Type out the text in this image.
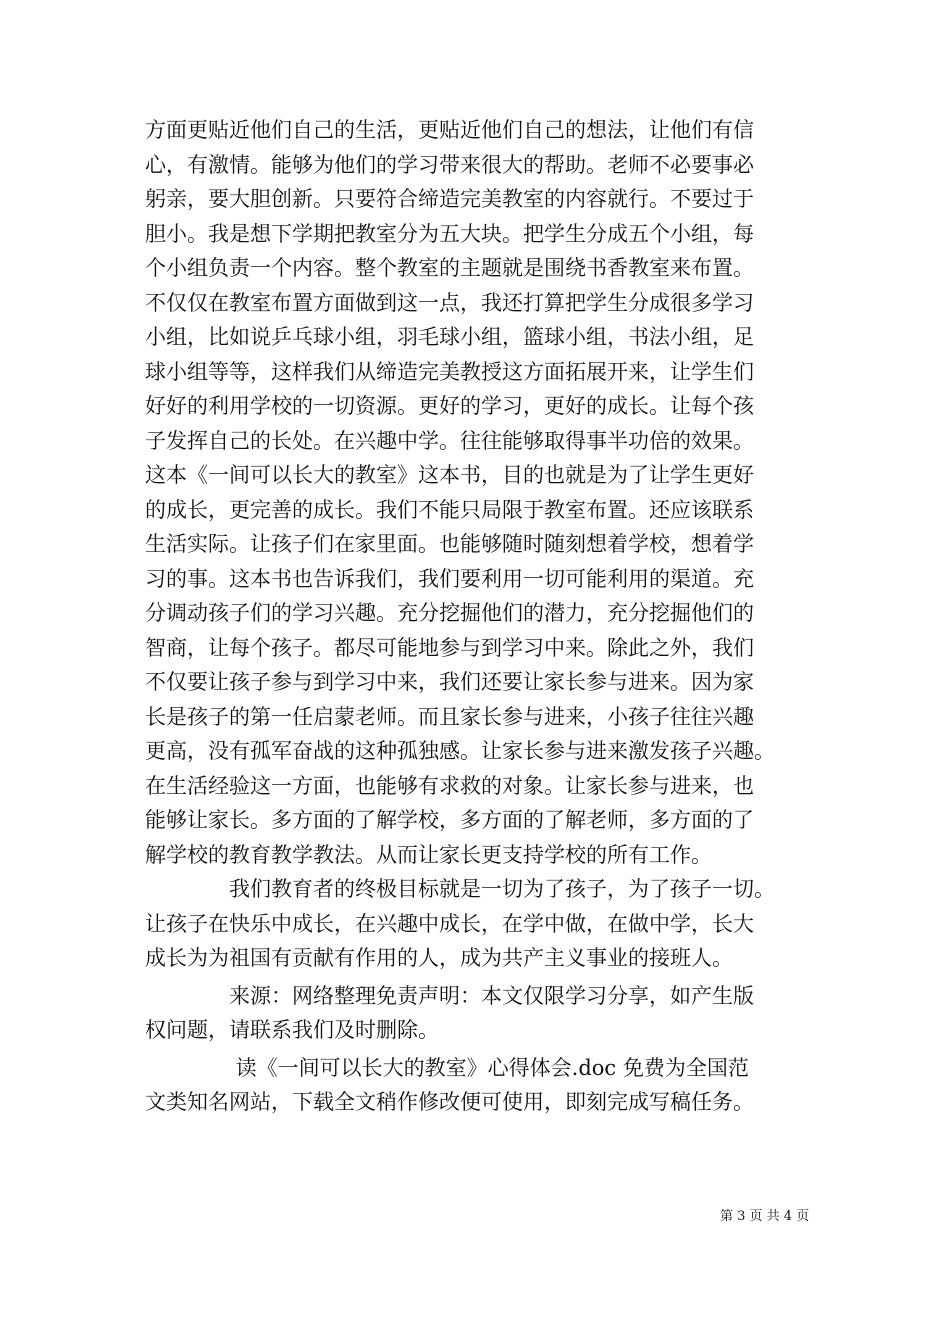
方面更贴近他们自己的生活，更贴近他们自己的想法，让他们有信
心，有激情。能够为他们的学习带来很大的帮助。老师不必要事必
躬亲，要大胆创新。只要符合缔造完美教室的内容就行。不要过于
胆小。我是想下学期把教室分为五大块。把学生分成五个小组，每
个小组负责一个内容。整个教室的主题就是围绕书香教室来布置。
不仅仅在教室布置方面做到这一点，我还打算把学生分成很多学习
小组，比如说乒乓球小组，羽毛球小组，篮球小组，书法小组，足
球小组等等，这样我们从缔造完美教授这方面拓展开来，让学生们
好好的利用学校的一切资源。更好的学习，更好的成长。让每个孩
子发挥自己的长处。在兴趣中学。往往能够取得事半功倍的效果。
这本《一间可以长大的教室》这本书，目的也就是为了让学生更好
的成长，更完善的成长。我们不能只局限于教室布置。还应该联系
生活实际。让孩子们在家里面。也能够随时随刻想着学校，想着学
习的事。这本书也告诉我们，我们要利用一切可能利用的渠道。充
分调动孩子们的学习兴趣。充分挖掘他们的潜力，充分挖掘他们的
智商，让每个孩子。都尽可能地参与到学习中来。除此之外，我们
不仅要让孩子参与到学习中来，我们还要让家长参与进来。因为家
长是孩子的第一任启蒙老师。而且家长参与进来，小孩子往往兴趣
更高，没有孤军奋战的这种孤独感。让家长参与进来激发孩子兴趣。
在生活经验这一方面，也能够有求救的对象。让家长参与进来，也
能够让家长。多方面的了解学校，多方面的了解老师，多方面的了
解学校的教育教学教法。从而让家长更支持学校的所有工作。
　　　　我们教育者的终极目标就是一切为了孩子，为了孩子一切。
让孩子在快乐中成长，在兴趣中成长，在学中做，在做中学，长大
成长为为祖国有贡献有作用的人，成为共产主义事业的接班人。
　　　　来源：网络整理免责声明：本文仅限学习分享，如产生版
权问题，请联系我们及时删除。
　　　　 读《一间可以长大的教室》心得体会.doc 免费为全国范
文类知名网站，下载全文稍作修改便可使用，即刻完成写稿任务。
第 3 页 共 4 页
